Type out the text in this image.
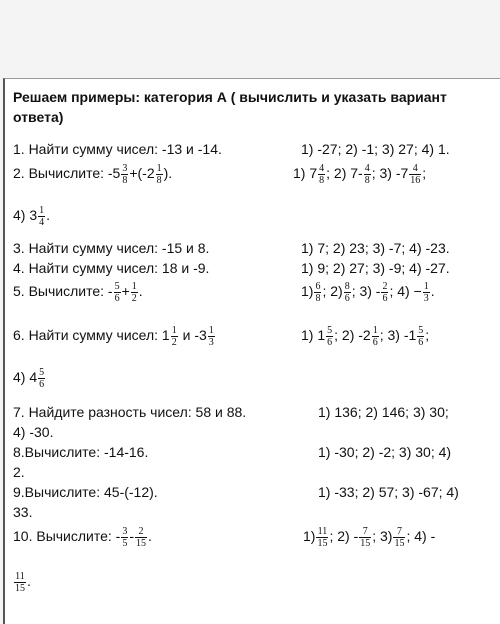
Решаем примеры: категория А ( вычислить и указать вариант
ответа)
1. Найти сумму чисел: -13 и -14.	1) -27; 2) -1; 3) 27; 4) 1.
2. Вычислите: $-5 \frac{3}{8} +(-2 \frac{1}{8}$ ).	1) $7 \frac{4}{8}$ ; 2) $7- \frac{4}{8}$ ; 3) $-7 \frac{4}{16}$ ;
4) $3 \frac{1}{4}$ .
3. Найти сумму чисел: -15 и 8.	1) 7; 2) 23; 3) -7; 4) -23.
4. Найти сумму чисел: 18 и -9.	1) 9; 2) 27; 3) -9; 4) -27.
5. Вычислите: - $\frac{5}{6} + \frac{1}{2}$ .	$1) \frac{6}{8}$ ; $2) \frac{8}{6}$ ; $3) - \frac{2}{6}$ ; $4) - \frac{1}{3}$ .
6. Найти сумму чисел: $1 \frac{1}{2}$ и $-3 \frac{1}{3}$	1) $1 \frac{5}{6}$ ; 2) $-2 \frac{1}{6}$ ; 3) $-1 \frac{5}{6}$ ;
4) $4 \frac{5}{6}$
7. Найдите разность чисел: 58 и 88.	1) 136; 2) 146; 3) 30;
4) -30.
8.Вычислите: -14-16.	1) -30; 2) -2; 3) 30; 4)
2.
9.Вычислите: 45-(-12).	1) -33; 2) 57; 3) -67; 4)
33.
10. Вычислите: - $\frac{3}{5} - \frac{2}{15}$ .	$1) \frac{11}{15}$ ; $2) - \frac{7}{15}$ ; $3) \frac{7}{15}$ ; 4) -
$\frac{11}{15}$ .
